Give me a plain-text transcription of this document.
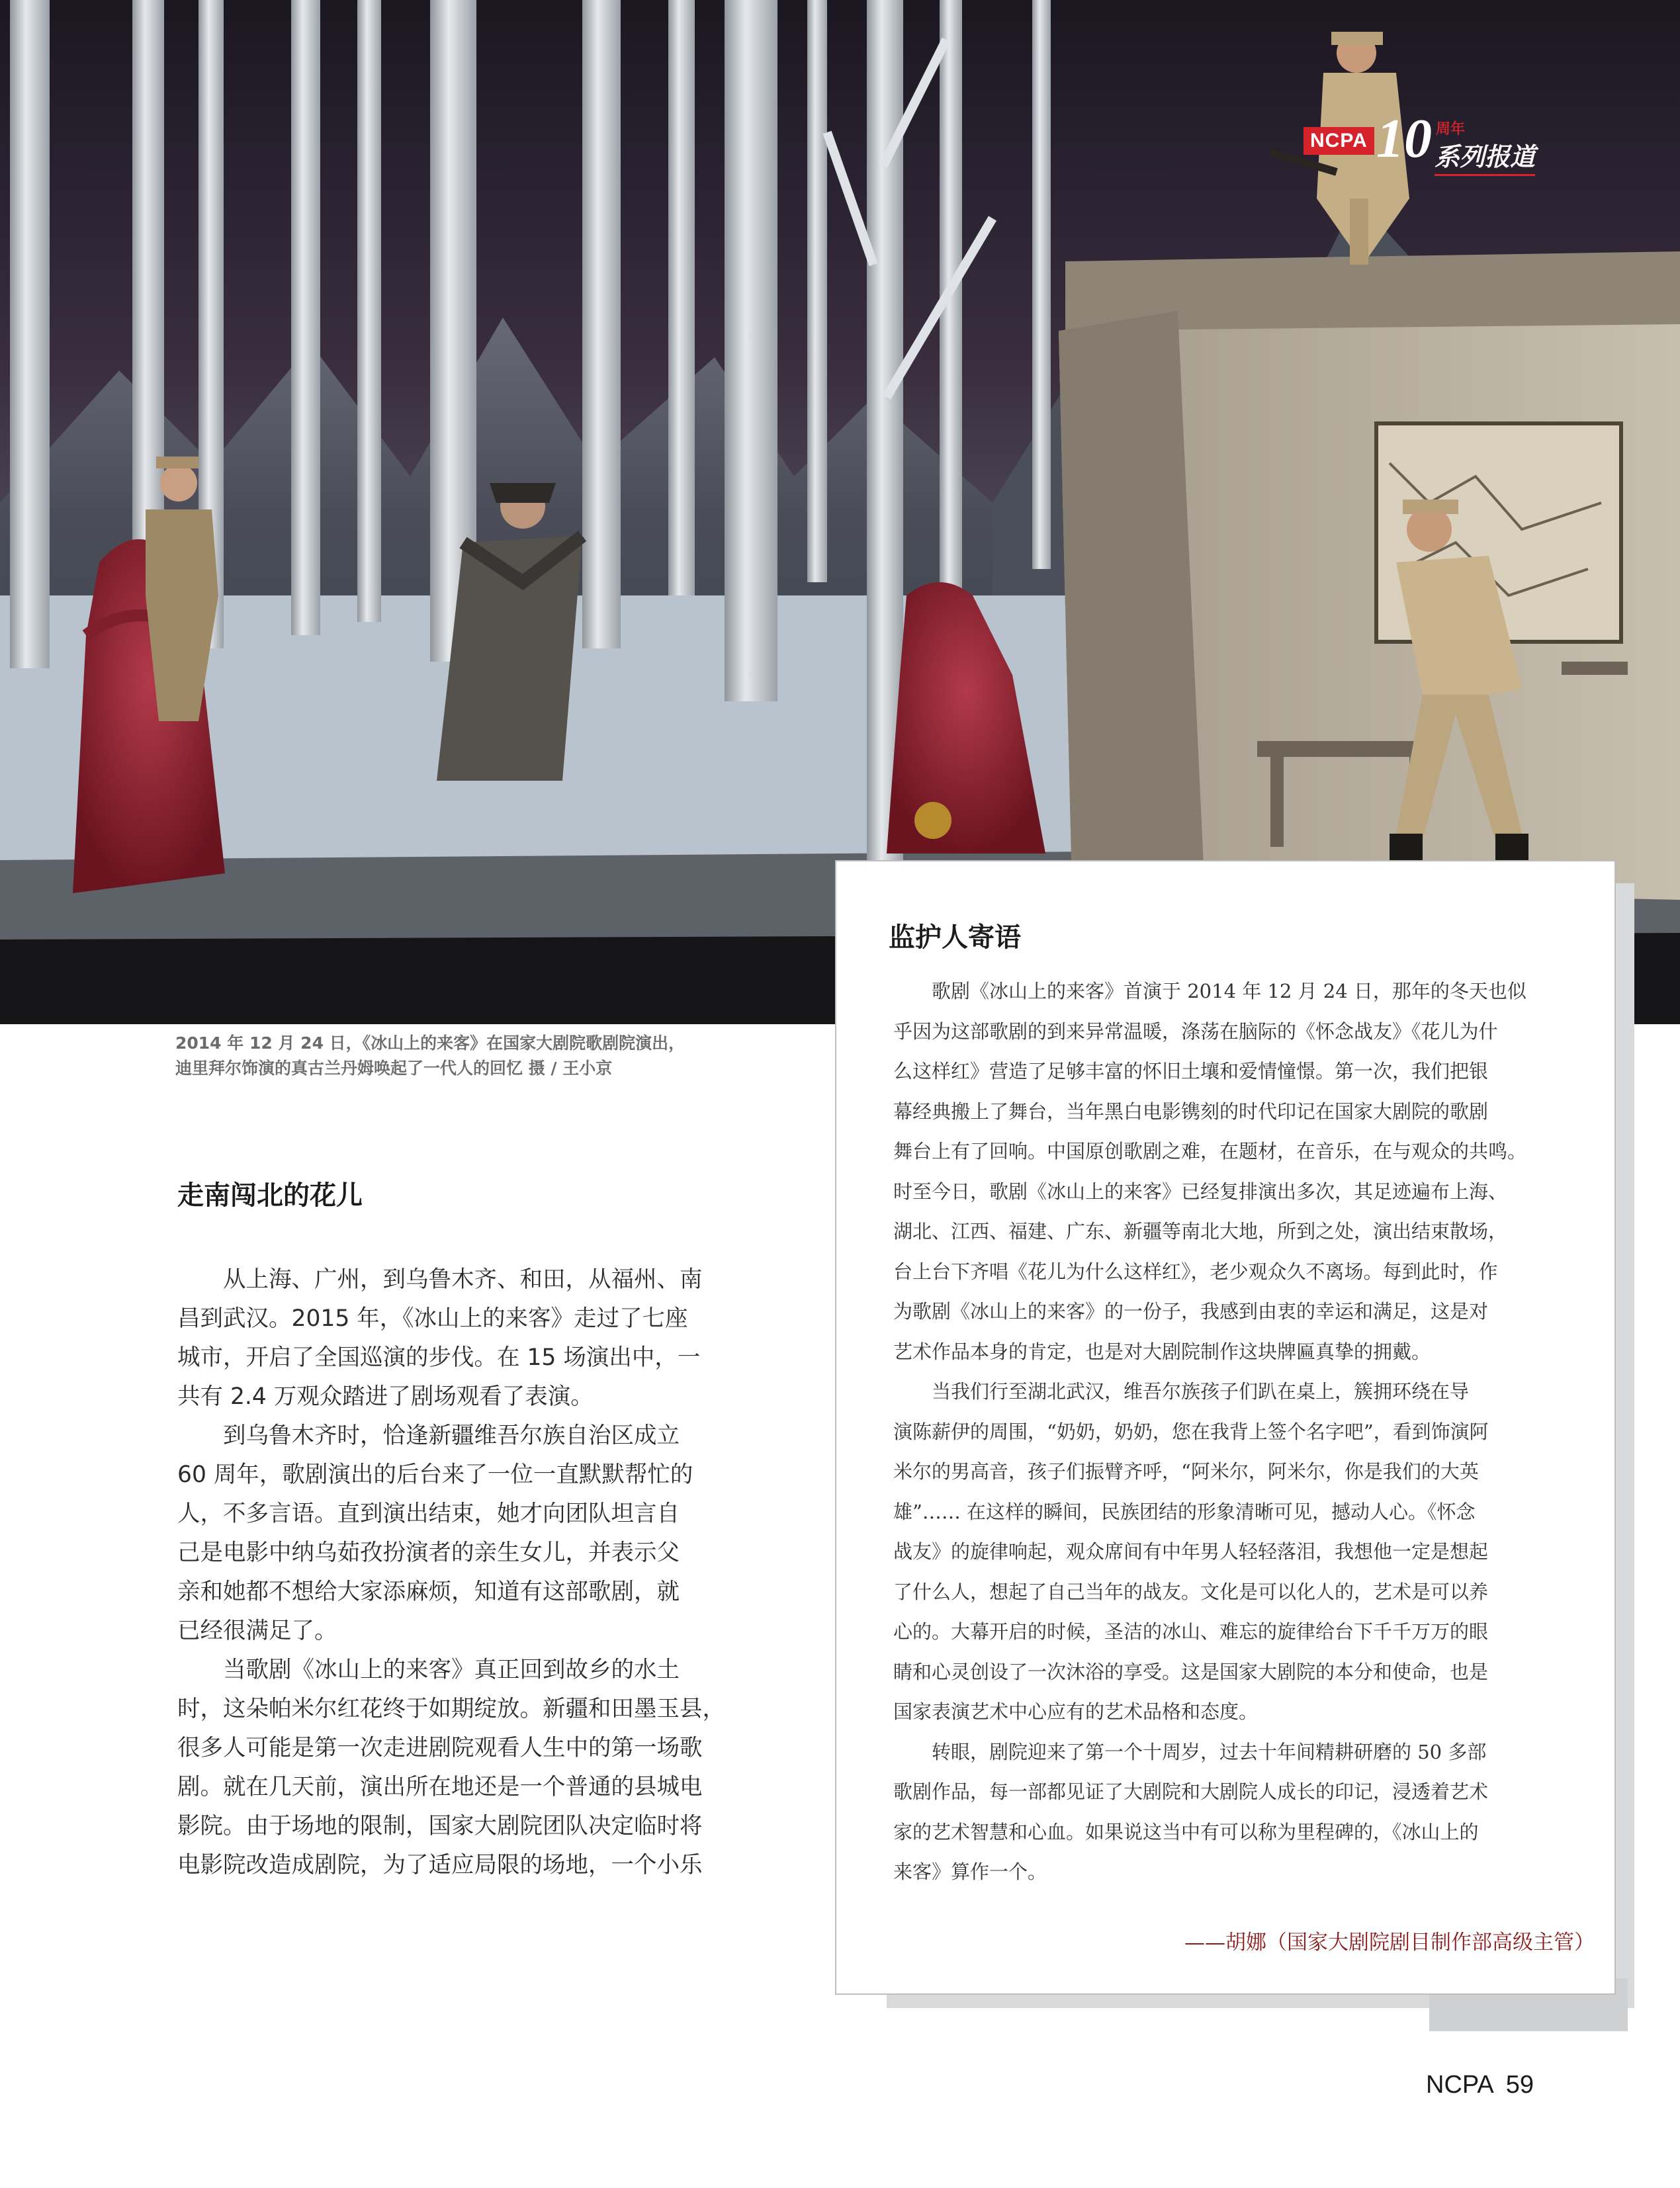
NCPA 10 周年
系列报道
2014 年 12 月 24 日，《冰山上的来客》在国家大剧院歌剧院演出，
迪里拜尔饰演的真古兰丹姆唤起了一代人的回忆 摄 / 王小京
走南闯北的花儿
　　从上海、广州，到乌鲁木齐、和田，从福州、南
昌到武汉。2015 年，《冰山上的来客》走过了七座
城市，开启了全国巡演的步伐。在 15 场演出中，一
共有 2.4 万观众踏进了剧场观看了表演。
　　到乌鲁木齐时，恰逢新疆维吾尔族自治区成立
60 周年，歌剧演出的后台来了一位一直默默帮忙的
人，不多言语。直到演出结束，她才向团队坦言自
己是电影中纳乌茹孜扮演者的亲生女儿，并表示父
亲和她都不想给大家添麻烦，知道有这部歌剧，就
已经很满足了。
　　当歌剧《冰山上的来客》真正回到故乡的水土
时，这朵帕米尔红花终于如期绽放。新疆和田墨玉县，
很多人可能是第一次走进剧院观看人生中的第一场歌
剧。就在几天前，演出所在地还是一个普通的县城电
影院。由于场地的限制，国家大剧院团队决定临时将
电影院改造成剧院，为了适应局限的场地，一个小乐
监护人寄语
　　歌剧《冰山上的来客》首演于 2014 年 12 月 24 日，那年的冬天也似
乎因为这部歌剧的到来异常温暖，涤荡在脑际的《怀念战友》《花儿为什
么这样红》营造了足够丰富的怀旧土壤和爱情憧憬。第一次，我们把银
幕经典搬上了舞台，当年黑白电影镌刻的时代印记在国家大剧院的歌剧
舞台上有了回响。中国原创歌剧之难，在题材，在音乐，在与观众的共鸣。
时至今日，歌剧《冰山上的来客》已经复排演出多次，其足迹遍布上海、
湖北、江西、福建、广东、新疆等南北大地，所到之处，演出结束散场，
台上台下齐唱《花儿为什么这样红》，老少观众久不离场。每到此时，作
为歌剧《冰山上的来客》的一份子，我感到由衷的幸运和满足，这是对
艺术作品本身的肯定，也是对大剧院制作这块牌匾真挚的拥戴。
　　当我们行至湖北武汉，维吾尔族孩子们趴在桌上，簇拥环绕在导
演陈薪伊的周围，“奶奶，奶奶，您在我背上签个名字吧”，看到饰演阿
米尔的男高音，孩子们振臂齐呼，“阿米尔，阿米尔，你是我们的大英
雄”…… 在这样的瞬间，民族团结的形象清晰可见，撼动人心。《怀念
战友》的旋律响起，观众席间有中年男人轻轻落泪，我想他一定是想起
了什么人，想起了自己当年的战友。文化是可以化人的，艺术是可以养
心的。大幕开启的时候，圣洁的冰山、难忘的旋律给台下千千万万的眼
睛和心灵创设了一次沐浴的享受。这是国家大剧院的本分和使命，也是
国家表演艺术中心应有的艺术品格和态度。
　　转眼，剧院迎来了第一个十周岁，过去十年间精耕研磨的 50 多部
歌剧作品，每一部都见证了大剧院和大剧院人成长的印记，浸透着艺术
家的艺术智慧和心血。如果说这当中有可以称为里程碑的，《冰山上的
来客》算作一个。
——胡娜（国家大剧院剧目制作部高级主管）
NCPA 59
